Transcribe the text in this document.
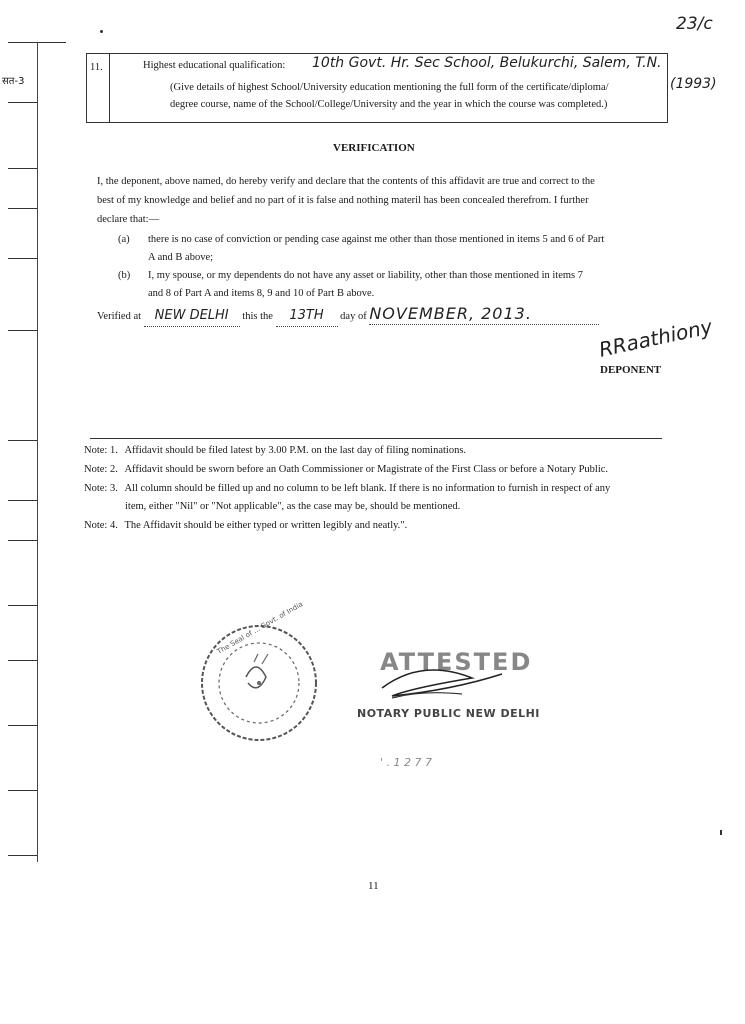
सत-3
23/c
11.	Highest educational qualification: 10th Govt. Hr. Sec School, Belukurchi, Salem, T.N.
(1993)
(Give details of highest School/University education mentioning the full form of the certificate/diploma/
degree course, name of the School/College/University and the year in which the course was completed.)
VERIFICATION
I, the deponent, above named, do hereby verify and declare that the contents of this affidavit are true and correct to the
best of my knowledge and belief and no part of it is false and nothing materil has been concealed therefrom. I further
declare that:—
(a) there is no case of conviction or pending case against me other than those mentioned in items 5 and 6 of Part
A and B above;
(b) I, my spouse, or my dependents do not have any asset or liability, other than those mentioned in items 7
and 8 of Part A and items 8, 9 and 10 of Part B above.
Verified at NEW DELHI this the 13TH day of NOVEMBER, 2013.
RRaathiony
DEPONENT
Note: 1. Affidavit should be filed latest by 3.00 P.M. on the last day of filing nominations.
Note: 2. Affidavit should be sworn before an Oath Commissioner or Magistrate of the First Class or before a Notary Public.
Note: 3. All column should be filled up and no column to be left blank. If there is no information to furnish in respect of any
item, either "Nil" or "Not applicable", as the case may be, should be mentioned.
Note: 4. The Affidavit should be either typed or written legibly and neatly.".
The Seal of ... Govt. of India
ATTESTED
NOTARY PUBLIC NEW DELHI
' . 1 2 7 7
11
